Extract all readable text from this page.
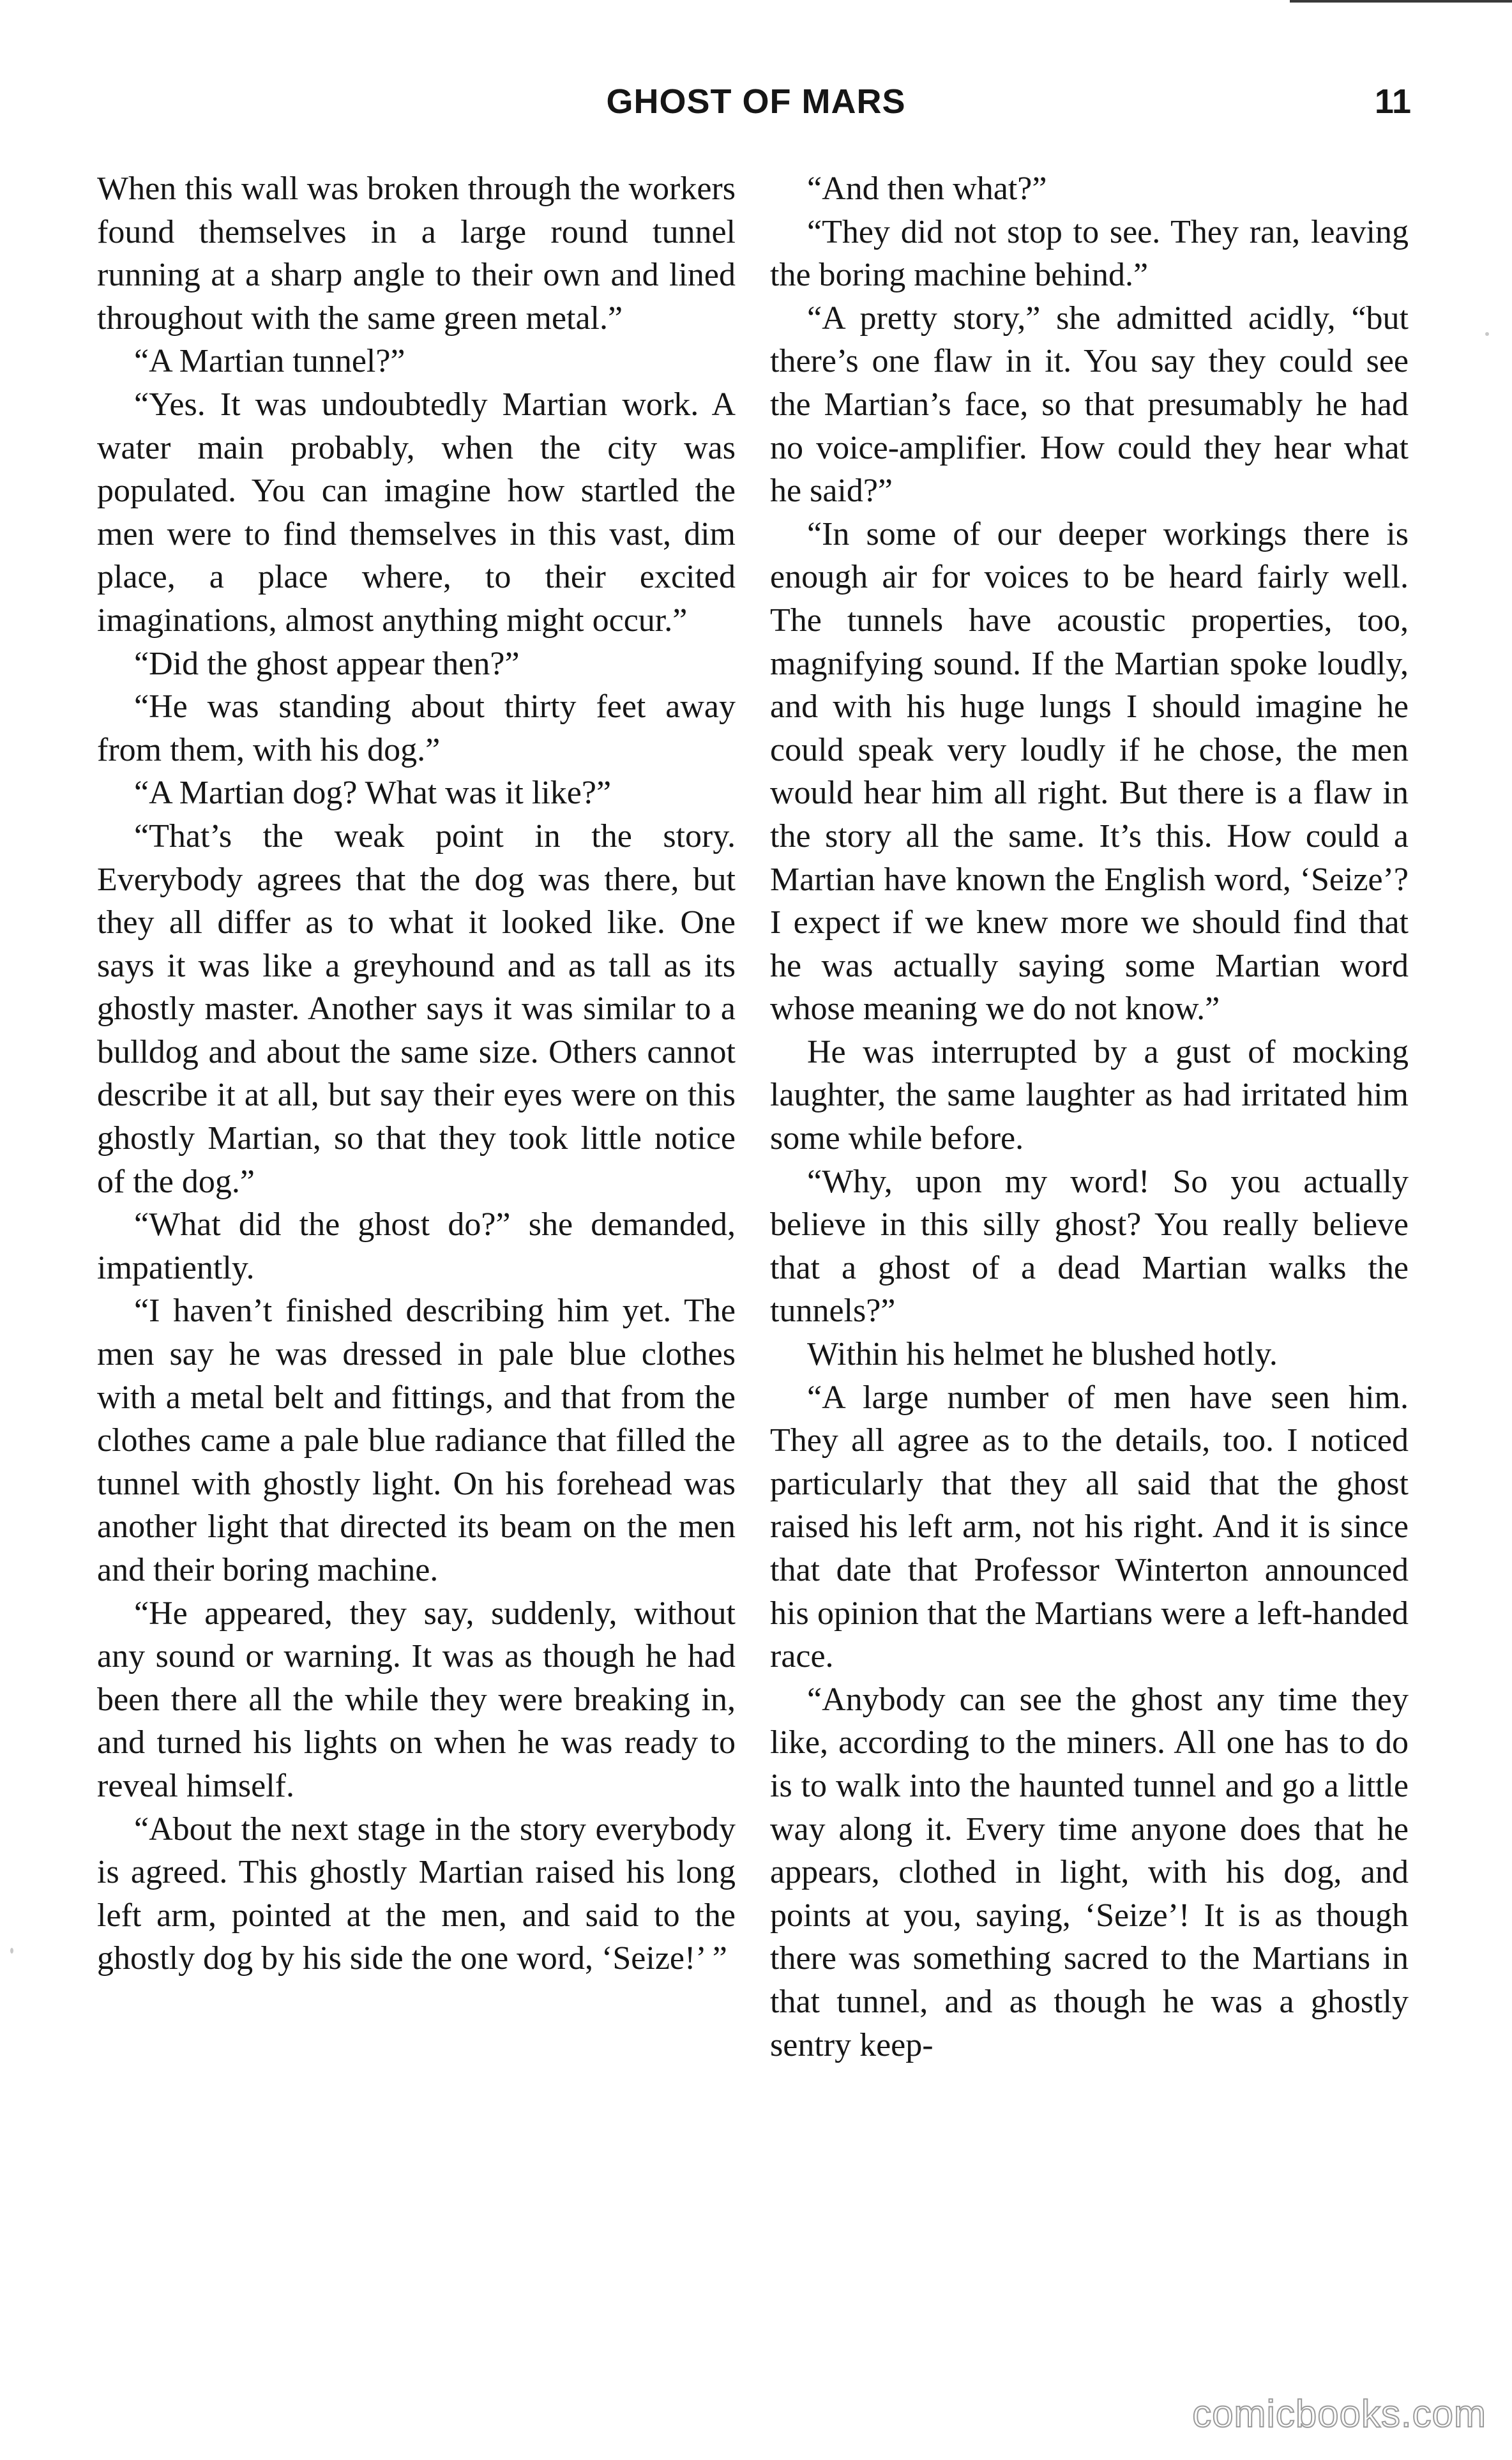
GHOST OF MARS	11

When this wall was broken through the workers found themselves in a large round tunnel running at a sharp angle to their own and lined throughout with the same green metal.”

“A Martian tunnel?”

“Yes. It was undoubtedly Martian work. A water main probably, when the city was populated. You can imagine how startled the men were to find themselves in this vast, dim place, a place where, to their excited imaginations, almost anything might occur.”

“Did the ghost appear then?”

“He was standing about thirty feet away from them, with his dog.”

“A Martian dog? What was it like?”

“That’s the weak point in the story. Everybody agrees that the dog was there, but they all differ as to what it looked like. One says it was like a greyhound and as tall as its ghostly master. Another says it was similar to a bulldog and about the same size. Others cannot describe it at all, but say their eyes were on this ghostly Martian, so that they took little notice of the dog.”

“What did the ghost do?” she demanded, impatiently.

“I haven’t finished describing him yet. The men say he was dressed in pale blue clothes with a metal belt and fittings, and that from the clothes came a pale blue radiance that filled the tunnel with ghostly light. On his forehead was another light that directed its beam on the men and their boring machine.

“He appeared, they say, suddenly, without any sound or warning. It was as though he had been there all the while they were breaking in, and turned his lights on when he was ready to reveal himself.

“About the next stage in the story everybody is agreed. This ghostly Martian raised his long left arm, pointed at the men, and said to the ghostly dog by his side the one word, ‘Seize!’ ”

“And then what?”

“They did not stop to see. They ran, leaving the boring machine behind.”

“A pretty story,” she admitted acidly, “but there’s one flaw in it. You say they could see the Martian’s face, so that presumably he had no voice-amplifier. How could they hear what he said?”

“In some of our deeper workings there is enough air for voices to be heard fairly well. The tunnels have acoustic properties, too, magnifying sound. If the Martian spoke loudly, and with his huge lungs I should imagine he could speak very loudly if he chose, the men would hear him all right. But there is a flaw in the story all the same. It’s this. How could a Martian have known the English word, ‘Seize’? I expect if we knew more we should find that he was actually saying some Martian word whose meaning we do not know.”

He was interrupted by a gust of mocking laughter, the same laughter as had irritated him some while before.

“Why, upon my word! So you actually believe in this silly ghost? You really believe that a ghost of a dead Martian walks the tunnels?”

Within his helmet he blushed hotly.

“A large number of men have seen him. They all agree as to the details, too. I noticed particularly that they all said that the ghost raised his left arm, not his right. And it is since that date that Professor Winterton announced his opinion that the Martians were a left-handed race.

“Anybody can see the ghost any time they like, according to the miners. All one has to do is to walk into the haunted tunnel and go a little way along it. Every time anyone does that he appears, clothed in light, with his dog, and points at you, saying, ‘Seize’! It is as though there was something sacred to the Martians in that tunnel, and as though he was a ghostly sentry keep-

comicbooks.com
